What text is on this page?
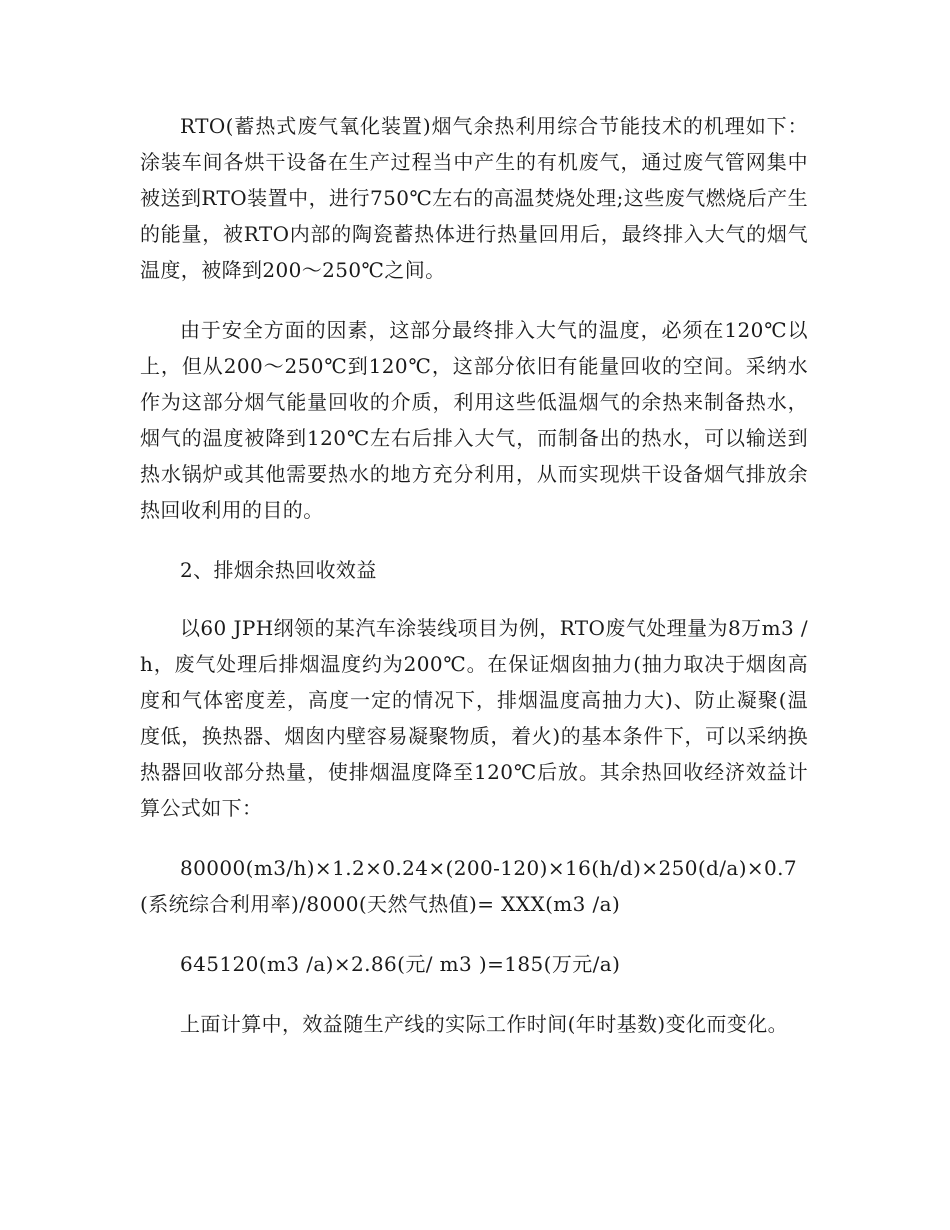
RTO(蓄热式废气氧化装置)烟气余热利用综合节能技术的机理如下：涂装车间各烘干设备在生产过程当中产生的有机废气，通过废气管网集中被送到RTO装置中，进行750℃左右的高温焚烧处理;这些废气燃烧后产生的能量，被RTO内部的陶瓷蓄热体进行热量回用后，最终排入大气的烟气温度，被降到200～250℃之间。

由于安全方面的因素，这部分最终排入大气的温度，必须在120℃以上，但从200～250℃到120℃，这部分依旧有能量回收的空间。采纳水作为这部分烟气能量回收的介质，利用这些低温烟气的余热来制备热水，烟气的温度被降到120℃左右后排入大气，而制备出的热水，可以输送到热水锅炉或其他需要热水的地方充分利用，从而实现烘干设备烟气排放余热回收利用的目的。

2、排烟余热回收效益

以60 JPH纲领的某汽车涂装线项目为例，RTO废气处理量为8万m3 / h，废气处理后排烟温度约为200℃。在保证烟囱抽力(抽力取决于烟囱高度和气体密度差，高度一定的情况下，排烟温度高抽力大)、防止凝聚(温度低，换热器、烟囱内壁容易凝聚物质，着火)的基本条件下，可以采纳换热器回收部分热量，使排烟温度降至120℃后放。其余热回收经济效益计算公式如下：

80000(m3/h)×1.2×0.24×(200-120)×16(h/d)×250(d/a)×0.7(系统综合利用率)/8000(天然气热值)= XXX(m3 /a)

645120(m3 /a)×2.86(元/ m3 )=185(万元/a)

上面计算中，效益随生产线的实际工作时间(年时基数)变化而变化。
